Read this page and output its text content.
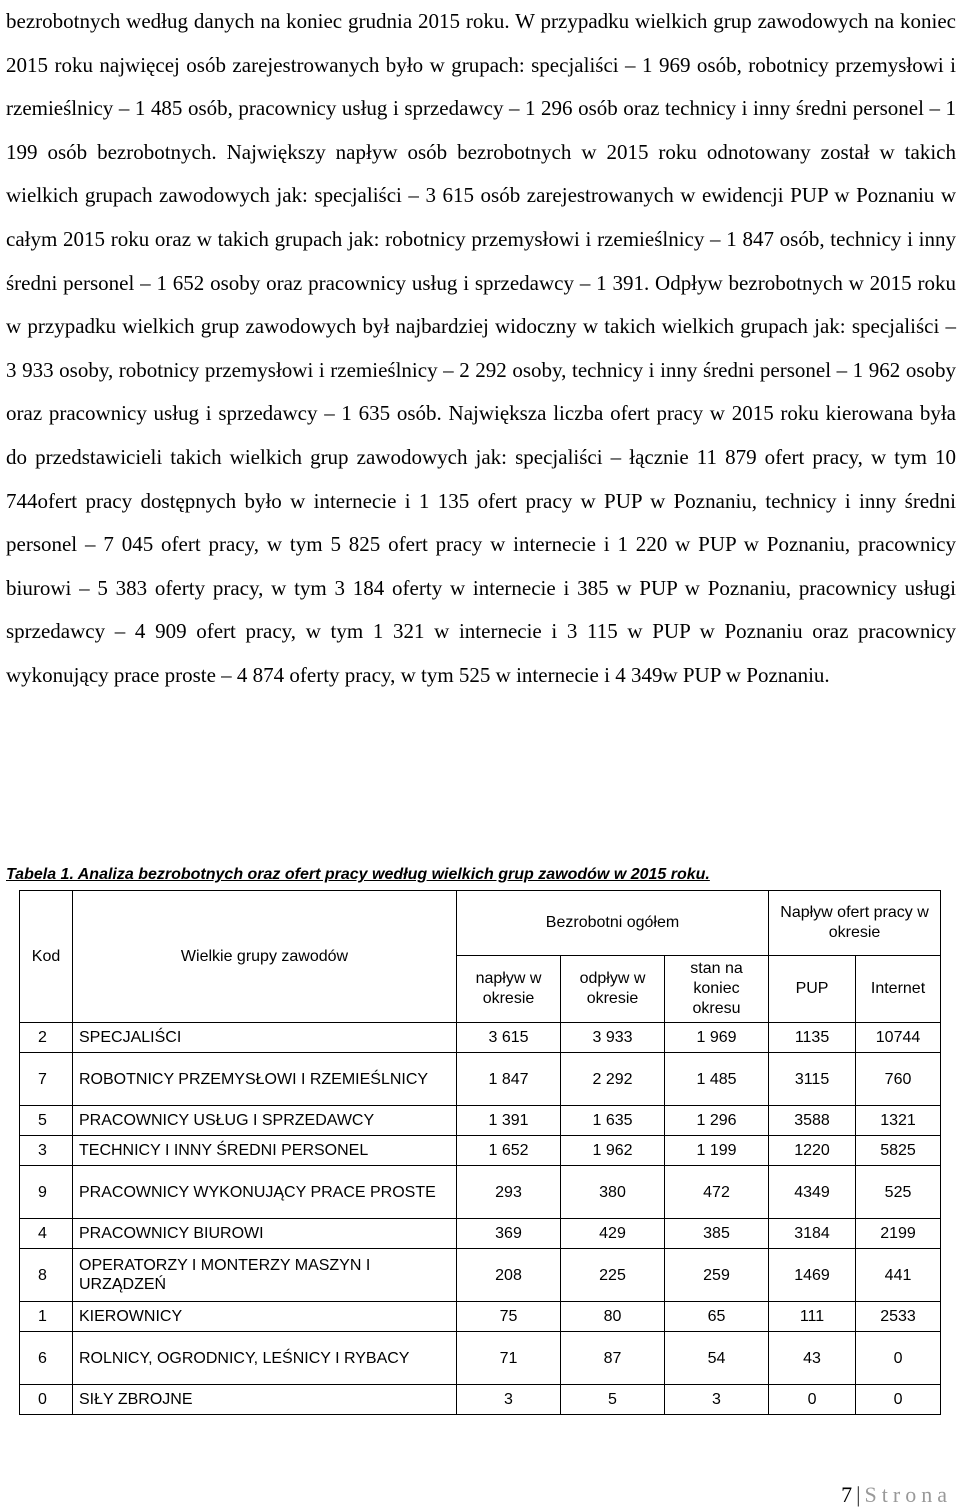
bezrobotnych według danych na koniec grudnia 2015 roku. W przypadku wielkich grup zawodowych na koniec 2015 roku najwięcej osób zarejestrowanych było w grupach: specjaliści – 1 969 osób, robotnicy przemysłowi i rzemieślnicy – 1 485 osób, pracownicy usług i sprzedawcy – 1 296 osób oraz technicy i inny średni personel – 1 199 osób bezrobotnych. Największy napływ osób bezrobotnych w 2015 roku odnotowany został w takich wielkich grupach zawodowych jak: specjaliści – 3 615 osób zarejestrowanych w ewidencji PUP w Poznaniu w całym 2015 roku oraz w takich grupach jak: robotnicy przemysłowi i rzemieślnicy – 1 847 osób, technicy i inny średni personel – 1 652 osoby oraz pracownicy usług i sprzedawcy – 1 391. Odpływ bezrobotnych w 2015 roku w przypadku wielkich grup zawodowych był najbardziej widoczny w takich wielkich grupach jak: specjaliści – 3 933 osoby, robotnicy przemysłowi i rzemieślnicy – 2 292 osoby, technicy i inny średni personel – 1 962 osoby oraz pracownicy usług i sprzedawcy – 1 635 osób. Największa liczba ofert pracy w 2015 roku kierowana była do przedstawicieli takich wielkich grup zawodowych jak: specjaliści – łącznie 11 879 ofert pracy, w tym 10 744ofert pracy dostępnych było w internecie i 1 135 ofert pracy w PUP w Poznaniu, technicy i inny średni personel – 7 045 ofert pracy, w tym 5 825 ofert pracy w internecie i 1 220 w PUP w Poznaniu, pracownicy biurowi – 5 383 oferty pracy, w tym 3 184 oferty w internecie i 385 w PUP w Poznaniu, pracownicy usługi sprzedawcy – 4 909 ofert pracy, w tym 1 321 w internecie i 3 115 w PUP w Poznaniu oraz pracownicy wykonujący prace proste – 4 874 oferty pracy, w tym 525 w internecie i 4 349w PUP w Poznaniu.

Tabela 1. Analiza bezrobotnych oraz ofert pracy według wielkich grup zawodów w 2015 roku.
Kod	Wielkie grupy zawodów	Bezrobotni ogółem			Napływ ofert pracy w okresie	
		napływ w okresie	odpływ w okresie	stan na koniec okresu	PUP	Internet
2	SPECJALIŚCI	3 615	3 933	1 969	1135	10744
7	ROBOTNICY PRZEMYSŁOWI I RZEMIEŚLNICY	1 847	2 292	1 485	3115	760
5	PRACOWNICY USŁUG I SPRZEDAWCY	1 391	1 635	1 296	3588	1321
3	TECHNICY I INNY ŚREDNI PERSONEL	1 652	1 962	1 199	1220	5825
9	PRACOWNICY WYKONUJĄCY PRACE PROSTE	293	380	472	4349	525
4	PRACOWNICY BIUROWI	369	429	385	3184	2199
8	OPERATORZY I MONTERZY MASZYN I URZĄDZEŃ	208	225	259	1469	441
1	KIEROWNICY	75	80	65	111	2533
6	ROLNICY, OGRODNICY, LEŚNICY I RYBACY	71	87	54	43	0
0	SIŁY ZBROJNE	3	5	3	0	0
7 | Strona
